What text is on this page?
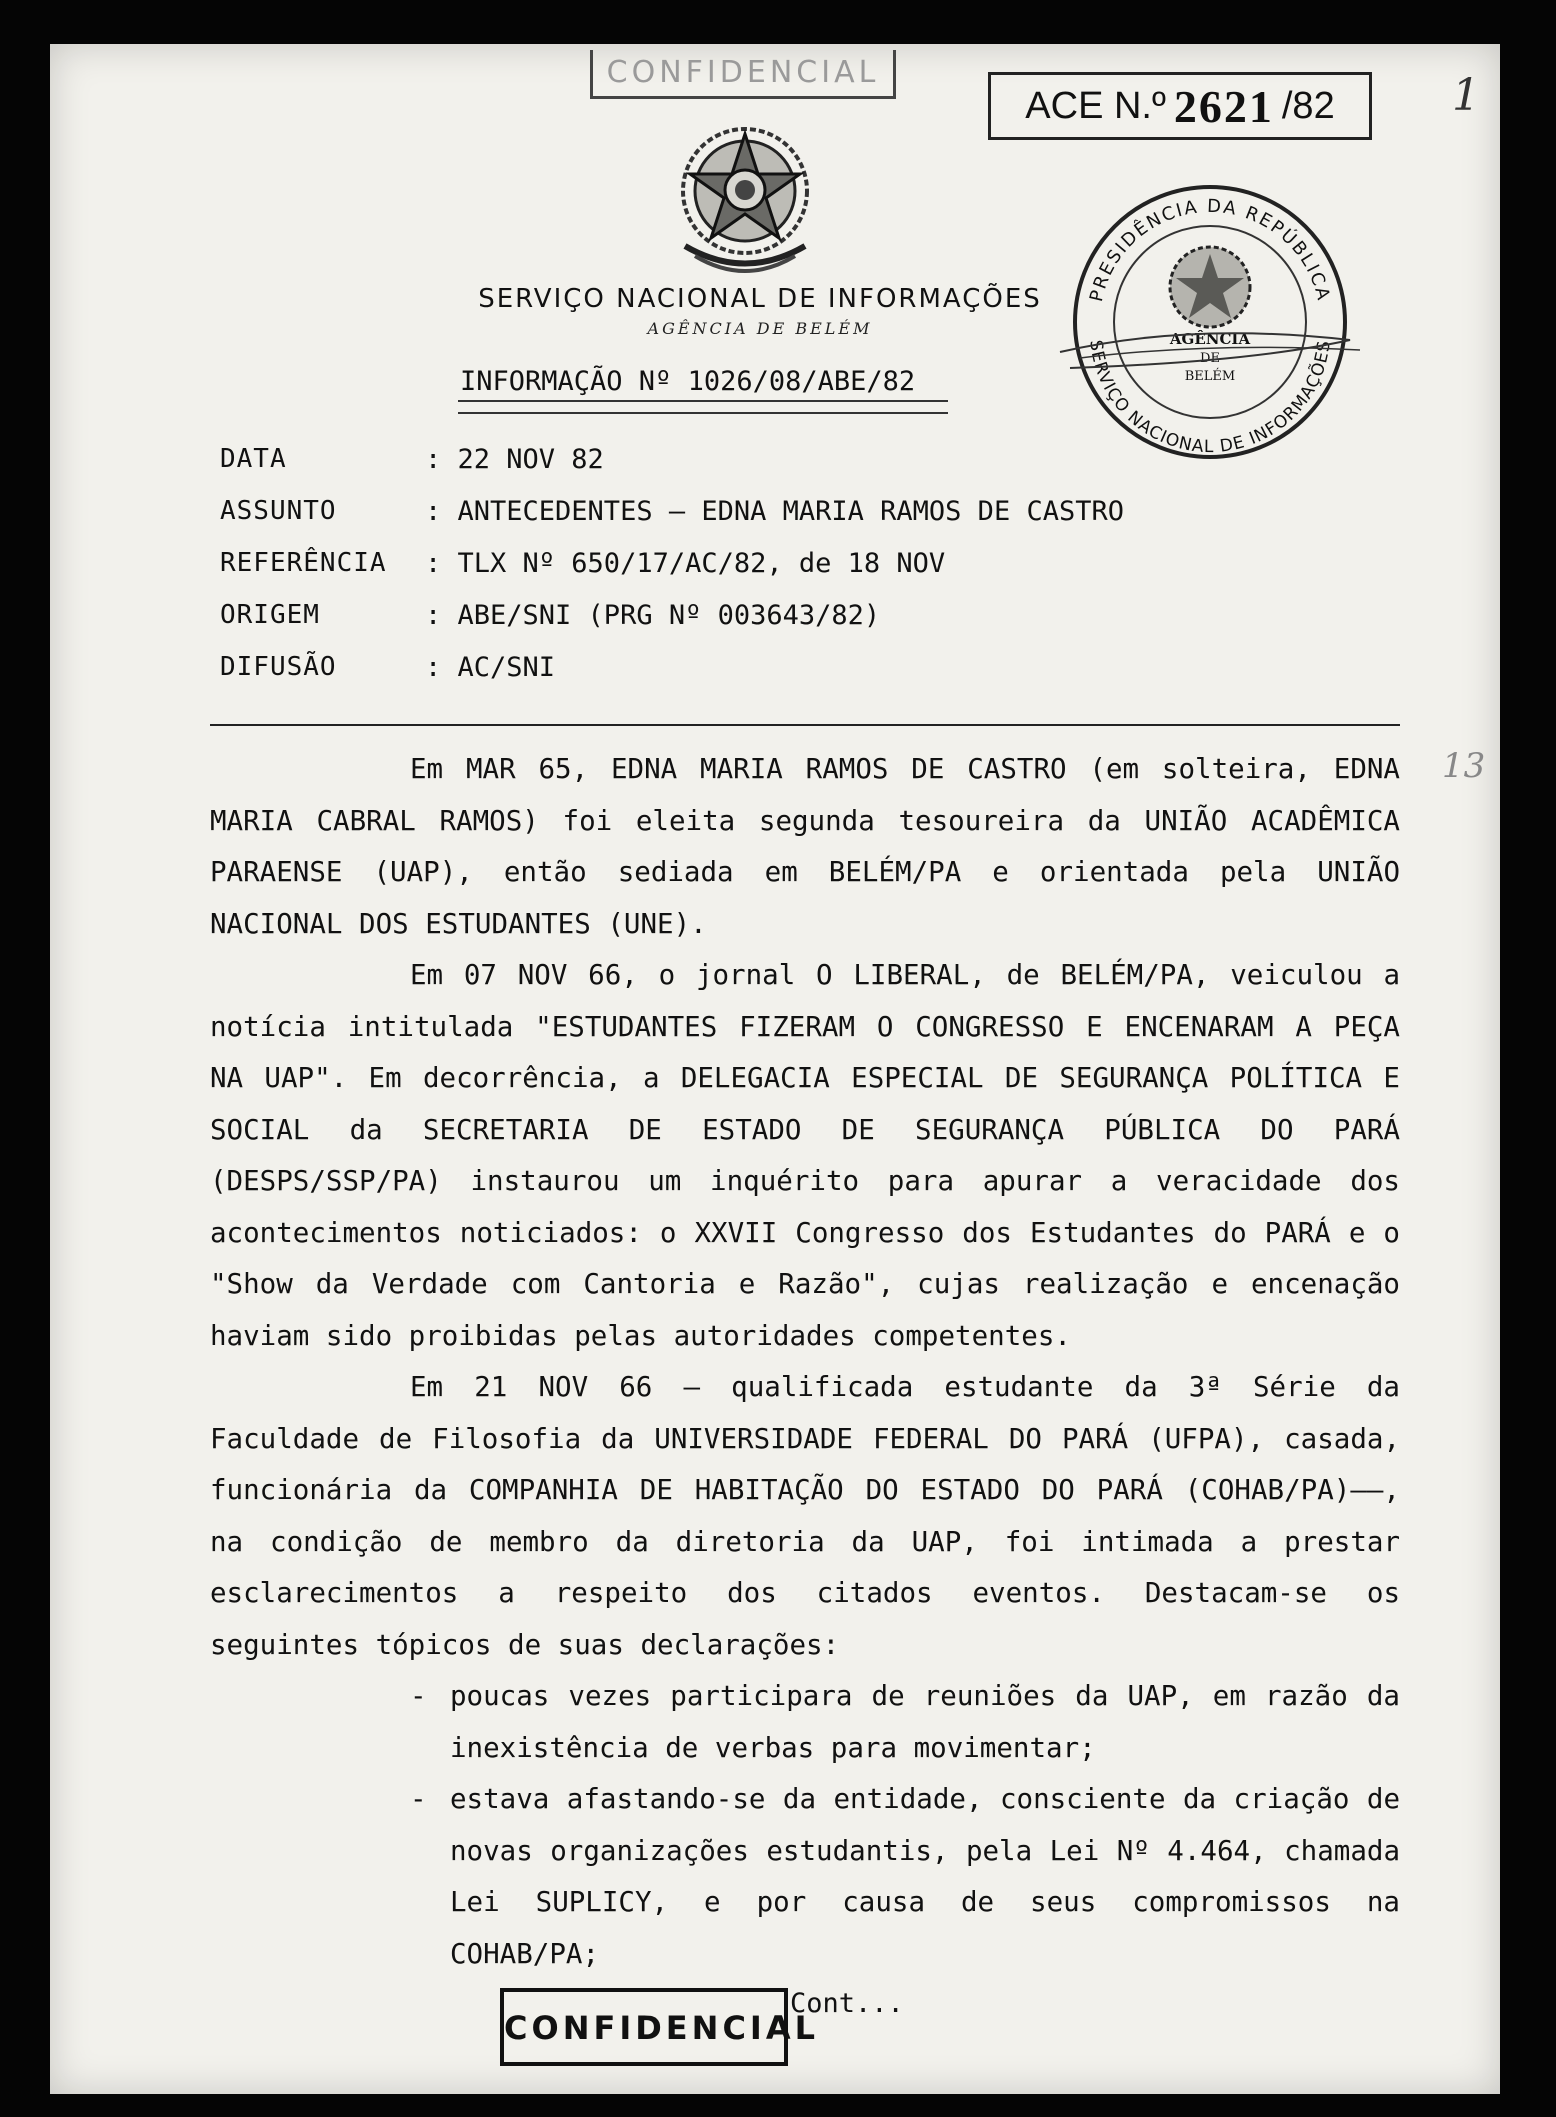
CONFIDENCIAL
ACE N.º 2621 /82	1
SERVIÇO NACIONAL DE INFORMAÇÕES
AGÊNCIA DE BELÉM
INFORMAÇÃO Nº 1026/08/ABE/82
PRESIDÊNCIA DA REPÚBLICA
SERVIÇO NACIONAL DE INFORMAÇÕES
AGÊNCIA
DE
BELÉM
DATA	: 22 NOV 82
ASSUNTO	: ANTECEDENTES — EDNA MARIA RAMOS DE CASTRO
REFERÊNCIA : TLX Nº 650/17/AC/82, de 18 NOV
ORIGEM	: ABE/SNI (PRG Nº 003643/82)
DIFUSÃO	: AC/SNI
13

Em MAR 65, EDNA MARIA RAMOS DE CASTRO (em solteira, EDNA MARIA CABRAL RAMOS) foi eleita segunda tesoureira da UNIÃO ACADÊMICA PARAENSE (UAP), então sediada em BELÉM/PA e orientada pela UNIÃO NACIONAL DOS ESTUDANTES (UNE).

Em 07 NOV 66, o jornal O LIBERAL, de BELÉM/PA, veiculou a notícia intitulada "ESTUDANTES FIZERAM O CONGRESSO E ENCENARAM A PEÇA NA UAP". Em decorrência, a DELEGACIA ESPECIAL DE SEGURANÇA POLÍTICA E SOCIAL da SECRETARIA DE ESTADO DE SEGURANÇA PÚBLICA DO PARÁ (DESPS/SSP/PA) instaurou um inquérito para apurar a veracidade dos acontecimentos noticiados: o XXVII Congresso dos Estudantes do PARÁ e o "Show da Verdade com Cantoria e Razão", cujas realização e encenação haviam sido proibidas pelas autoridades competentes.

Em 21 NOV 66 — qualificada estudante da 3ª Série da Faculdade de Filosofia da UNIVERSIDADE FEDERAL DO PARÁ (UFPA), casada, funcionária da COMPANHIA DE HABITAÇÃO DO ESTADO DO PARÁ (COHAB/PA)——, na condição de membro da diretoria da UAP, foi intimada a prestar esclarecimentos a respeito dos citados eventos. Destacam-se os seguintes tópicos de suas declarações:

- poucas vezes participara de reuniões da UAP, em razão da inexistência de verbas para movimentar;
- estava afastando-se da entidade, consciente da criação de novas organizações estudantis, pela Lei Nº 4.464, chamada Lei SUPLICY, e por causa de seus compromissos na COHAB/PA;
CONFIDENCIAL
Cont...
